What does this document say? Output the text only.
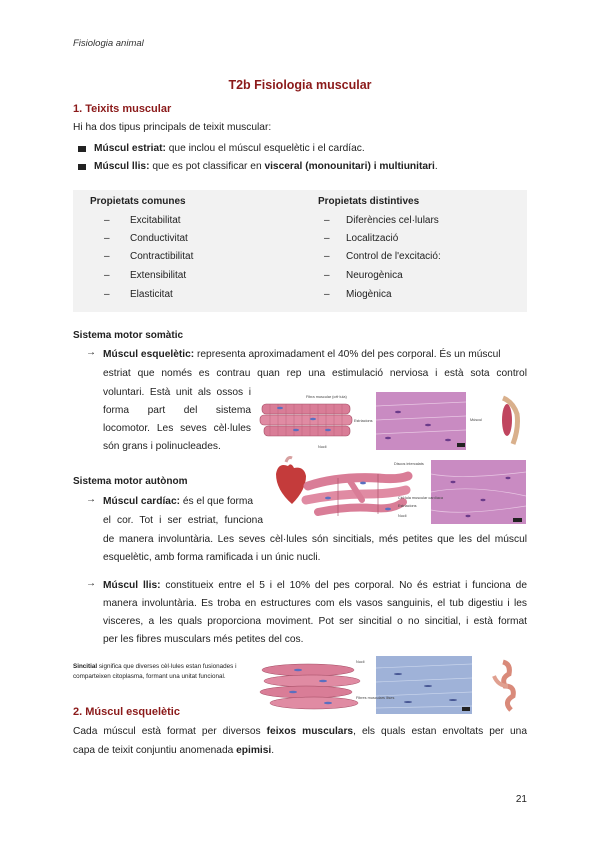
Fisiologia animal
T2b Fisiologia muscular
1. Teixits muscular
Hi ha dos tipus principals de teixit muscular:
Múscul estriat: que inclou el múscul esquelètic i el cardíac.
Múscul llis: que es pot classificar en visceral (monounitari) i multiunitari.
Propietats comunes	Propietats distintives
– Excitabilitat
– Conductivitat
– Contractibilitat
– Extensibilitat
– Elasticitat
– Diferències cel·lulars
– Localització
– Control de l'excitació:
– Neurogènica
– Miogènica
Sistema motor somàtic
→ Múscul esquelètic: representa aproximadament el 40% del pes corporal. És un múscul
estriat que només es contrau quan rep una estimulació nerviosa i està sota control
voluntari. Està unit als ossos i
forma part del sistema
locomotor. Les seves cèl·lules
són grans i polinucleades.
Fibra muscular (cèl·lula)
Estriacions
Nucli
Múscul
Sistema motor autònom
→ Múscul cardíac: és el que forma
el cor. Tot i ser estriat, funciona
de manera involuntària. Les seves cèl·lules són sincitials, més petites que les del múscul
esquelètic, amb forma ramificada i un únic nucli.
Discos intercalats
Cèl·lula muscular cardíaca
Estriacions
Nucli
→ Múscul llis: constitueix entre el 5 i el 10% del pes corporal. No és estriat i funciona de
manera involuntària. Es troba en estructures com els vasos sanguinis, el tub digestiu i les
visceres, a les quals proporciona moviment. Pot ser sincitial o no sincitial, i està format
per les fibres musculars més petites del cos.
Sincitial significa que diverses cèl·lules estan fusionades i comparteixen citoplasma, formant una unitat funcional.
Nucli
Fibres musculars llises
2. Múscul esquelètic
Cada múscul està format per diversos feixos musculars, els quals estan envoltats per una
capa de teixit conjuntiu anomenada epimisi.
21
